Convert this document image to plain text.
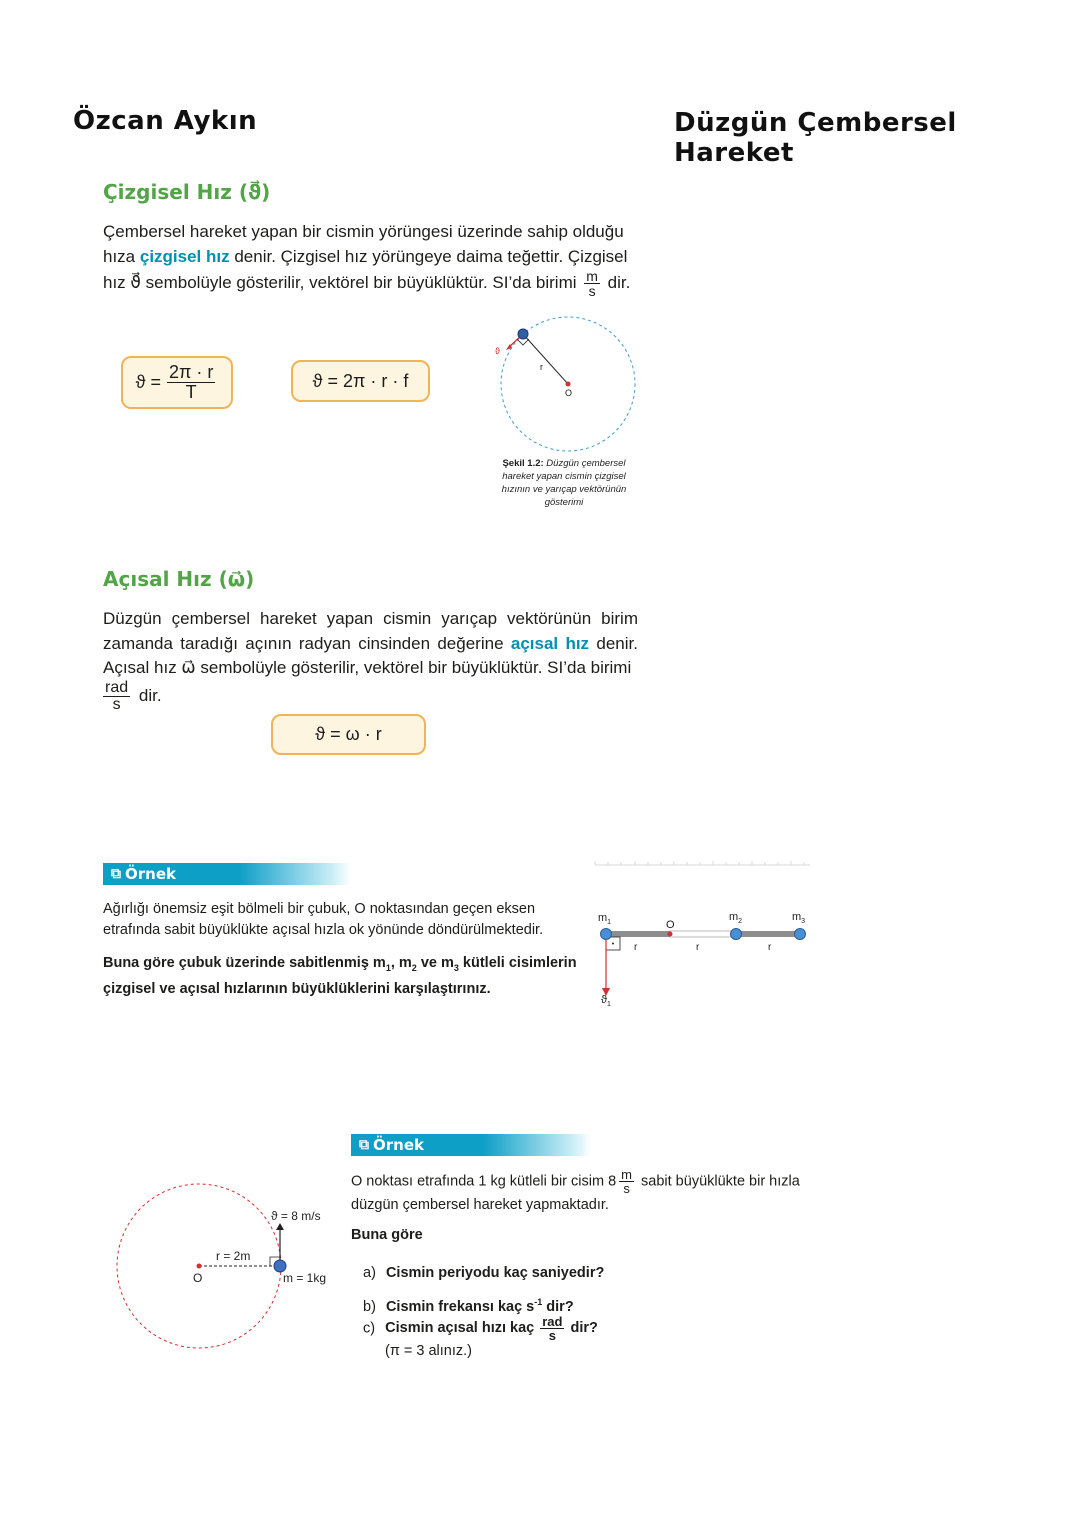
Özcan Aykın	Düzgün Çembersel Hareket
Çizgisel Hız (ϑ⃗)
Çembersel hareket yapan bir cismin yörüngesi üzerinde sahip olduğu hıza çizgisel hız denir. Çizgisel hız yörüngeye daima teğettir. Çizgisel hız ϑ⃗ sembolüyle gösterilir, vektörel bir büyüklüktür. SI’da birimi $\frac{m}{s}$ dir.
$ϑ = \frac{2\pi \cdot r}{T}$	ϑ = 2π · r · f
ϑ
r
O
Şekil 1.2: Düzgün çembersel hareket yapan cismin çizgisel hızının ve yarıçap vektörünün gösterimi
Açısal Hız (ω⃗)
Düzgün çembersel hareket yapan cismin yarıçap vektörünün birim zamanda taradığı açının radyan cinsinden değerine açısal hız denir. Açısal hız ω⃗ sembolüyle gösterilir, vektörel bir büyüklüktür. SI’da birimi
$\frac{\text{rad}}{s}$ dir.
ϑ = ω · r
⧉ Örnek
Ağırlığı önemsiz eşit bölmeli bir çubuk, O noktasından geçen eksen etrafında sabit büyüklükte açısal hızla ok yönünde döndürülmektedir.
Buna göre çubuk üzerinde sabitlenmiş $m_1$, $m_2$ ve $m_3$ kütleli cisimlerin çizgisel ve açısal hızlarının büyüklüklerini karşılaştırınız.
$m_1$	$m_2$	$m_3$
O
r	r	r
$ϑ_1$
⧉ Örnek
O noktası etrafında 1 kg kütleli bir cisim $8 \frac{m}{s}$ sabit büyüklükte bir hızla düzgün çembersel hareket yapmaktadır.
Buna göre
a) Cismin periyodu kaç saniyedir?
b) Cismin frekansı kaç $s^{-1}$ dir?
c) Cismin açısal hızı kaç $\frac{\text{rad}}{s}$ dir?
(π = 3 alınız.)
ϑ = 8 m/s
r = 2m
m = 1kg
O
